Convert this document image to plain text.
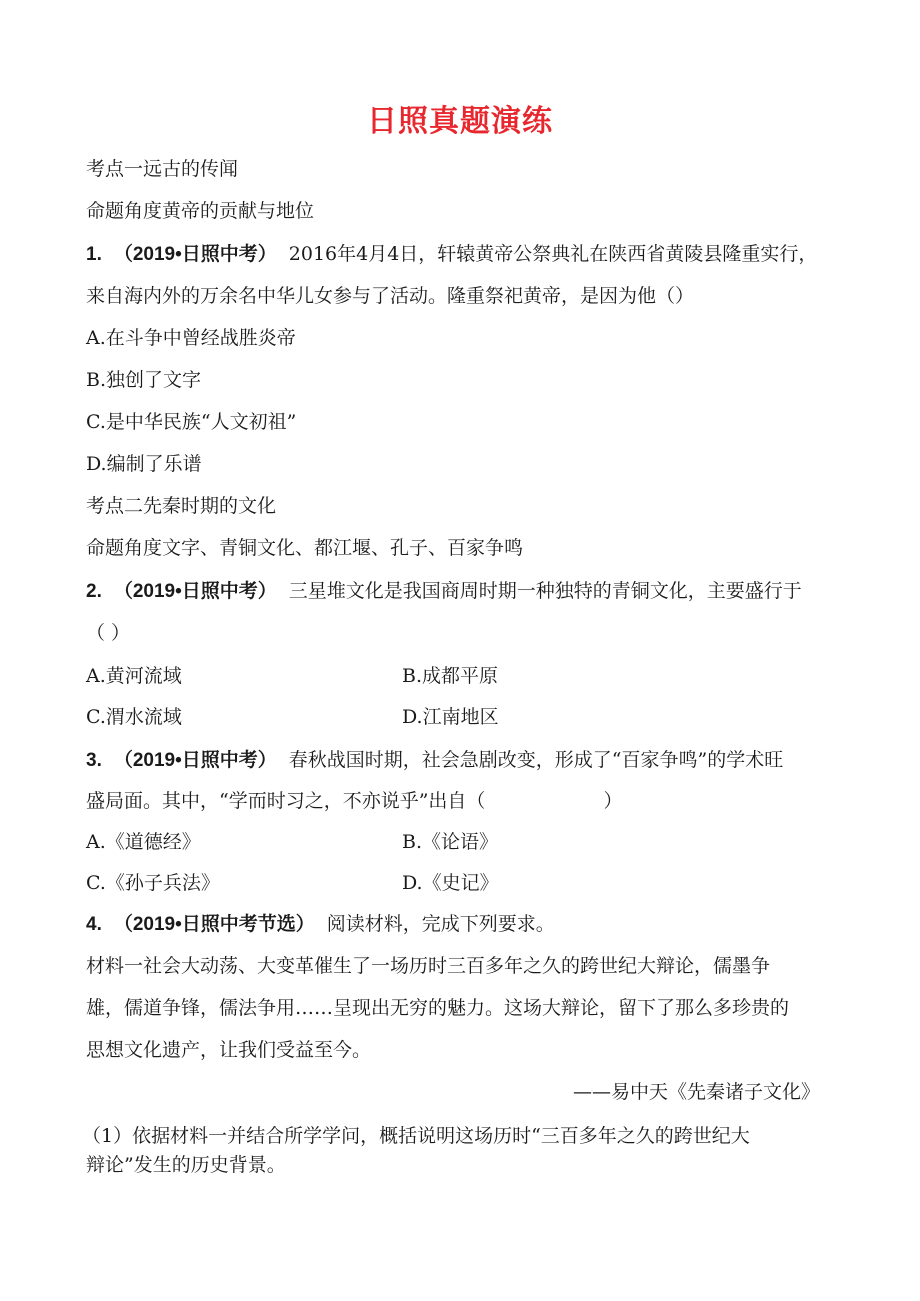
日照真题演练
考点一远古的传闻
命题角度黄帝的贡献与地位
1. （2019•日照中考） 2016年4月4日，轩辕黄帝公祭典礼在陕西省黄陵县隆重实行，
来自海内外的万余名中华儿女参与了活动。隆重祭祀黄帝，是因为他（）
A.在斗争中曾经战胜炎帝
B.独创了文字
C.是中华民族“人文初祖”
D.编制了乐谱
考点二先秦时期的文化
命题角度文字、青铜文化、都江堰、孔子、百家争鸣
2. （2019•日照中考） 三星堆文化是我国商周时期一种独特的青铜文化，主要盛行于
（ ）
A.黄河流域	B.成都平原
C.渭水流域	D.江南地区
3. （2019•日照中考） 春秋战国时期，社会急剧改变，形成了“百家争鸣”的学术旺
盛局面。其中，“学而时习之，不亦说乎”出自（	）
A.《道德经》	B.《论语》
C.《孙子兵法》	D.《史记》
4. （2019•日照中考节选） 阅读材料，完成下列要求。
材料一社会大动荡、大变革催生了一场历时三百多年之久的跨世纪大辩论，儒墨争
雄，儒道争锋，儒法争用……呈现出无穷的魅力。这场大辩论，留下了那么多珍贵的
思想文化遗产，让我们受益至今。
——易中天《先秦诸子文化》
（1）依据材料一并结合所学学问，概括说明这场历时“三百多年之久的跨世纪大
辩论”发生的历史背景。
